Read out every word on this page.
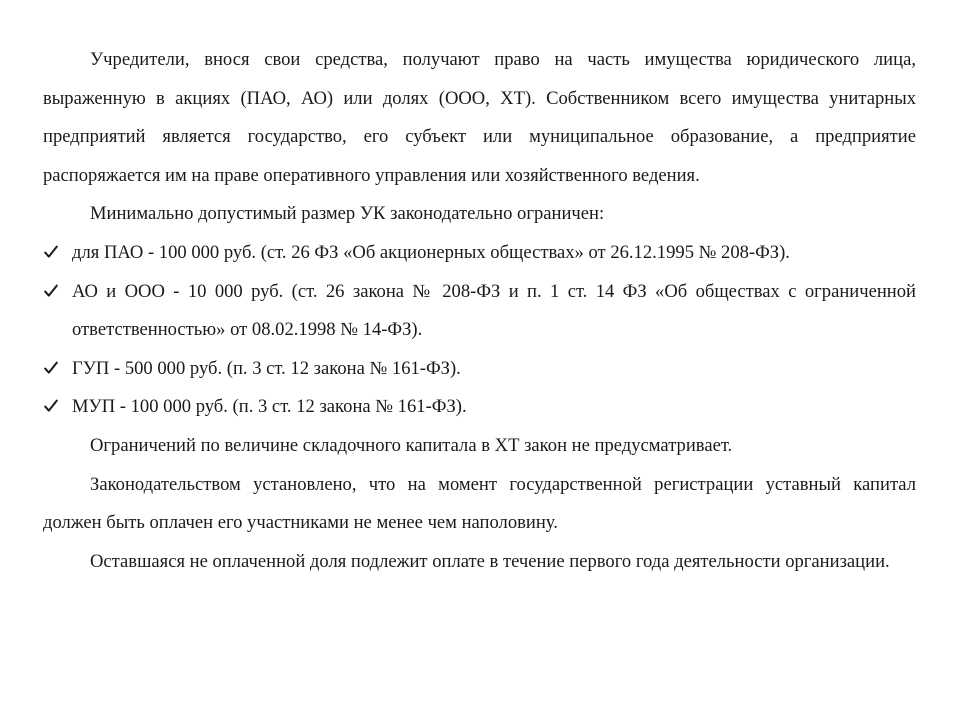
Учредители, внося свои средства, получают право на часть имущества юридического лица, выраженную в акциях (ПАО, АО) или долях (ООО, ХТ). Собственником всего имущества унитарных предприятий является государство, его субъект или муниципальное образование, а предприятие распоряжается им на праве оперативного управления или хозяйственного ведения.

Минимально допустимый размер УК законодательно ограничен:

для ПАО - 100 000 руб. (ст. 26 ФЗ «Об акционерных обществах» от 26.12.1995 № 208-ФЗ).
АО и ООО - 10 000 руб. (ст. 26 закона № 208-ФЗ и п. 1 ст. 14 ФЗ «Об обществах с ограниченной ответственностью» от 08.02.1998 № 14-ФЗ).
ГУП - 500 000 руб. (п. 3 ст. 12 закона № 161-ФЗ).
МУП - 100 000 руб. (п. 3 ст. 12 закона № 161-ФЗ).

Ограничений по величине складочного капитала в ХТ закон не предусматривает.

Законодательством установлено, что на момент государственной регистрации уставный капитал должен быть оплачен его участниками не менее чем наполовину.

Оставшаяся не оплаченной доля подлежит оплате в течение первого года деятельности организации.
